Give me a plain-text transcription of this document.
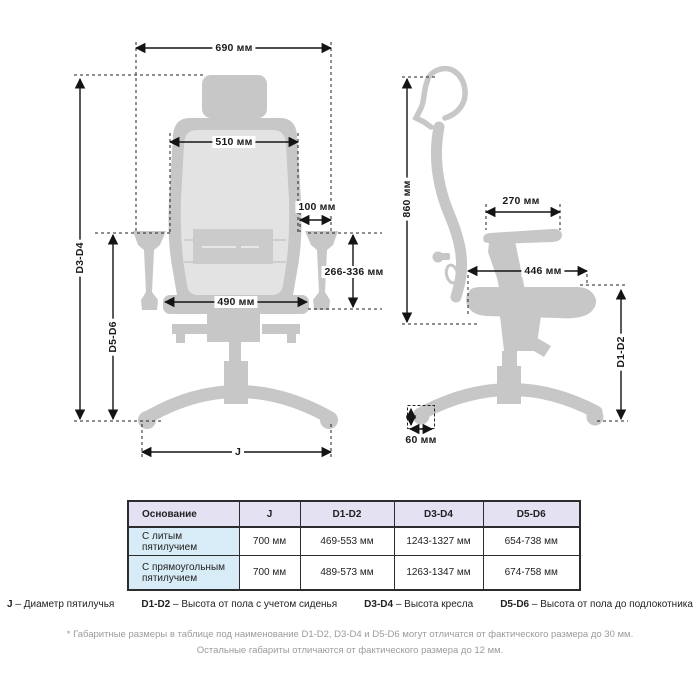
690 мм
510 мм
100 мм
266-336 мм
490 мм
D3-D4
D5-D6
J
860 мм	270 мм
446 мм
D1-D2
60 мм
Основание	J	D1-D2	D3-D4	D5-D6
С литым пятилучием	700 мм	469-553 мм	1243-1327 мм	654-738 мм
С прямоугольным пятилучием	700 мм	489-573 мм	1263-1347 мм	674-758 мм
J – Диаметр пятилучья	D1-D2 – Высота от пола с учетом сиденья	D3-D4 – Высота кресла	D5-D6 – Высота от пола до подлокотника
* Габаритные размеры в таблице под наименование D1-D2, D3-D4 и D5-D6 могут отличатся от фактического размера до 30 мм.
Остальные габариты отличаются от фактического размера до 12 мм.
